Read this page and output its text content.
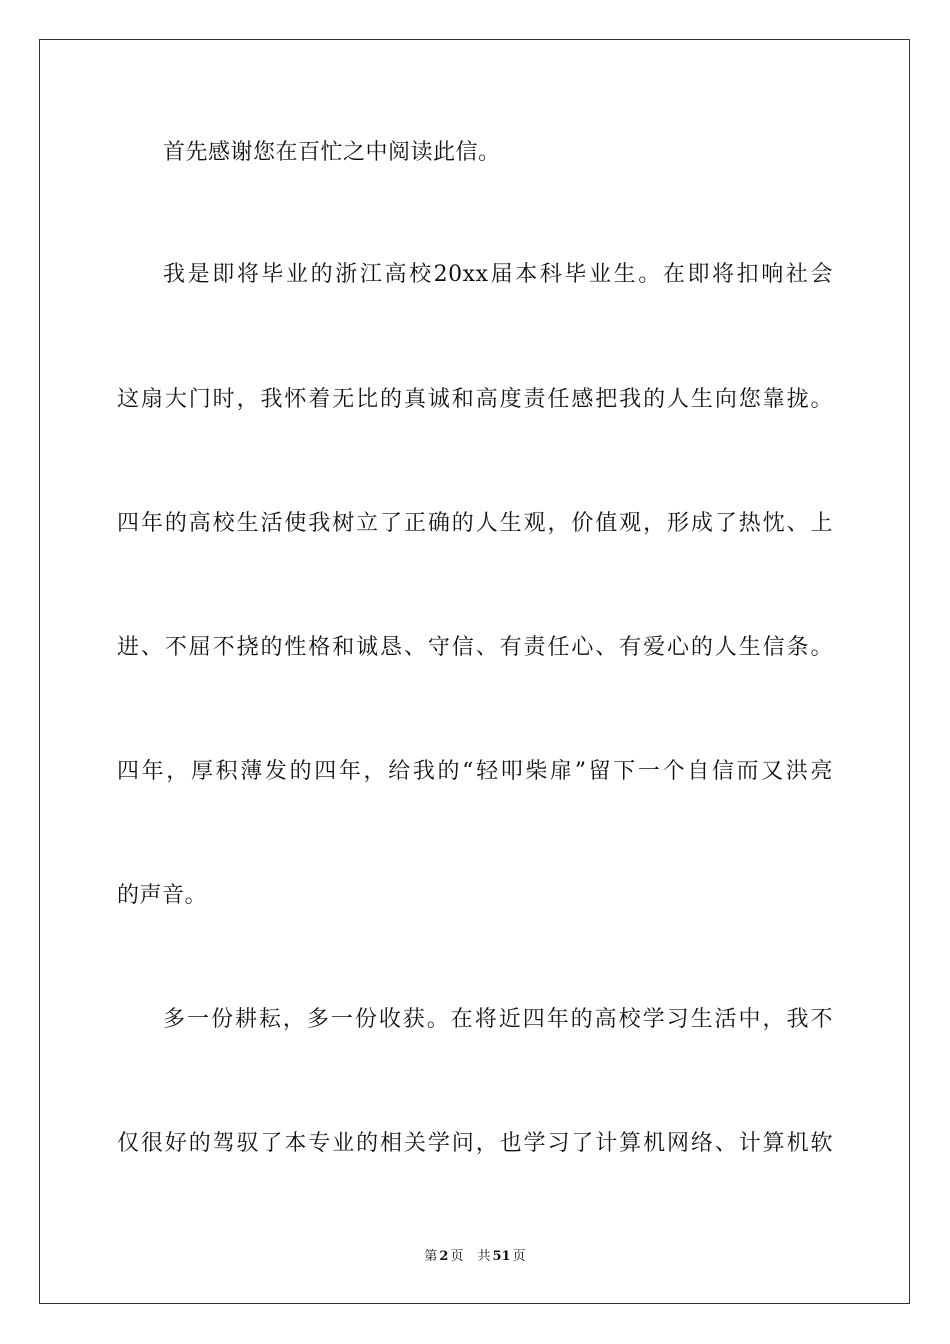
首先感谢您在百忙之中阅读此信。
我是即将毕业的浙江高校20xx届本科毕业生。在即将扣响社会
这扇大门时，我怀着无比的真诚和高度责任感把我的人生向您靠拢。
四年的高校生活使我树立了正确的人生观，价值观，形成了热忱、上
进、不屈不挠的性格和诚恳、守信、有责任心、有爱心的人生信条。
四年，厚积薄发的四年，给我的“轻叩柴扉”留下一个自信而又洪亮
的声音。
多一份耕耘，多一份收获。在将近四年的高校学习生活中，我不
仅很好的驾驭了本专业的相关学问，也学习了计算机网络、计算机软
第 2 页 共 51 页
